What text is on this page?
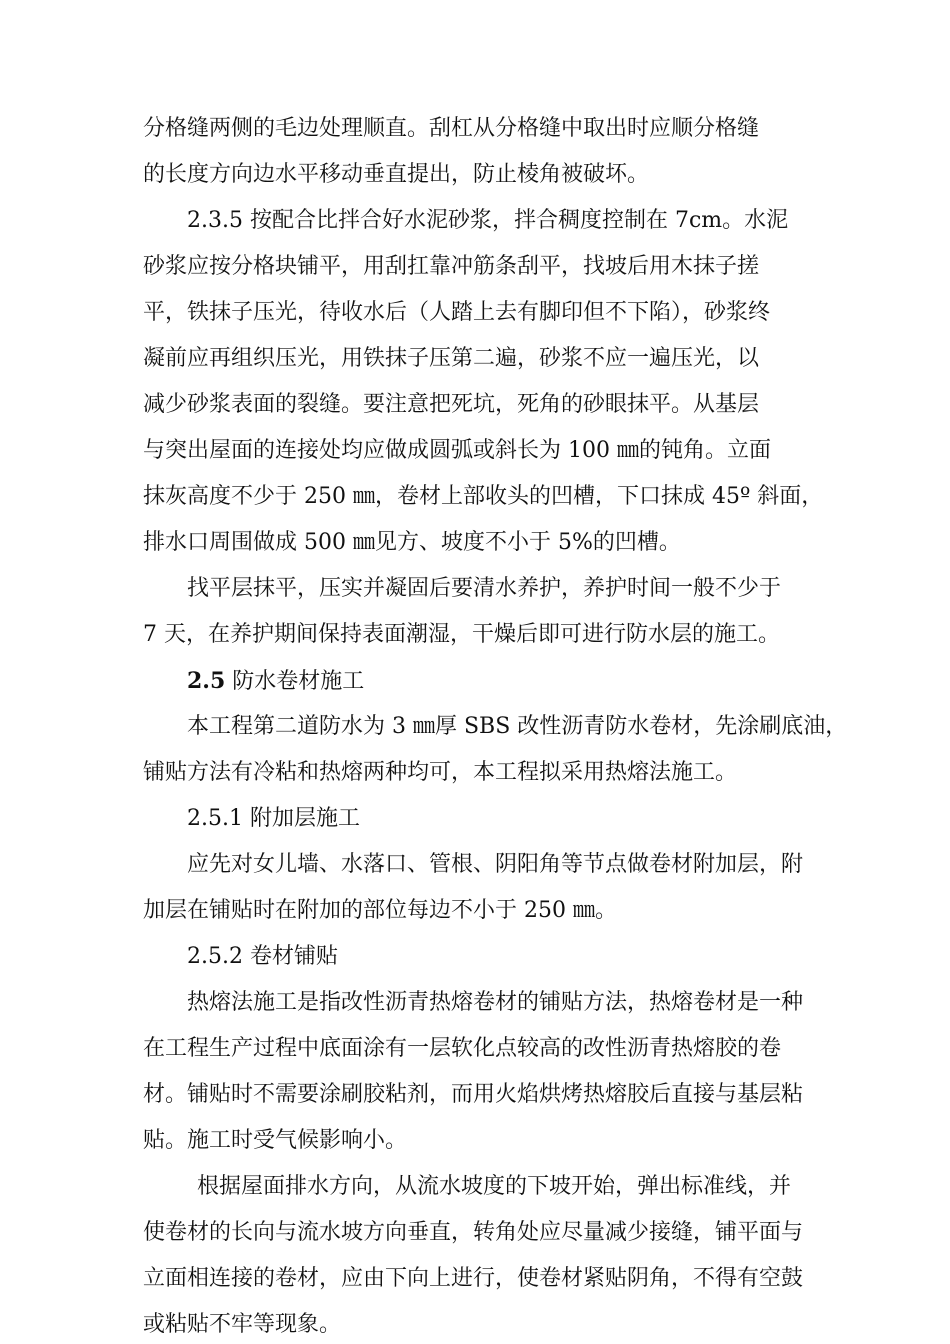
分格缝两侧的毛边处理顺直。刮杠从分格缝中取出时应顺分格缝
的长度方向边水平移动垂直提出，防止棱角被破坏。
2.3.5 按配合比拌合好水泥砂浆，拌合稠度控制在 7cm。水泥
砂浆应按分格块铺平，用刮扛靠冲筋条刮平，找坡后用木抹子搓
平，铁抹子压光，待收水后（人踏上去有脚印但不下陷），砂浆终
凝前应再组织压光，用铁抹子压第二遍，砂浆不应一遍压光，以
减少砂浆表面的裂缝。要注意把死坑，死角的砂眼抹平。从基层
与突出屋面的连接处均应做成圆弧或斜长为 100 ㎜的钝角。立面
抹灰高度不少于 250 ㎜，卷材上部收头的凹槽，下口抹成 45º 斜面，
排水口周围做成 500 ㎜见方、坡度不小于 5%的凹槽。
找平层抹平，压实并凝固后要清水养护，养护时间一般不少于
7 天，在养护期间保持表面潮湿，干燥后即可进行防水层的施工。
2.5 防水卷材施工
本工程第二道防水为 3 ㎜厚 SBS 改性沥青防水卷材，先涂刷底油，
铺贴方法有冷粘和热熔两种均可，本工程拟采用热熔法施工。
2.5.1 附加层施工
应先对女儿墙、水落口、管根、阴阳角等节点做卷材附加层，附
加层在铺贴时在附加的部位每边不小于 250 ㎜。
2.5.2 卷材铺贴
热熔法施工是指改性沥青热熔卷材的铺贴方法，热熔卷材是一种
在工程生产过程中底面涂有一层软化点较高的改性沥青热熔胶的卷
材。铺贴时不需要涂刷胶粘剂，而用火焰烘烤热熔胶后直接与基层粘
贴。施工时受气候影响小。
根据屋面排水方向，从流水坡度的下坡开始，弹出标准线，并
使卷材的长向与流水坡方向垂直，转角处应尽量减少接缝，铺平面与
立面相连接的卷材，应由下向上进行，使卷材紧贴阴角，不得有空鼓
或粘贴不牢等现象。
